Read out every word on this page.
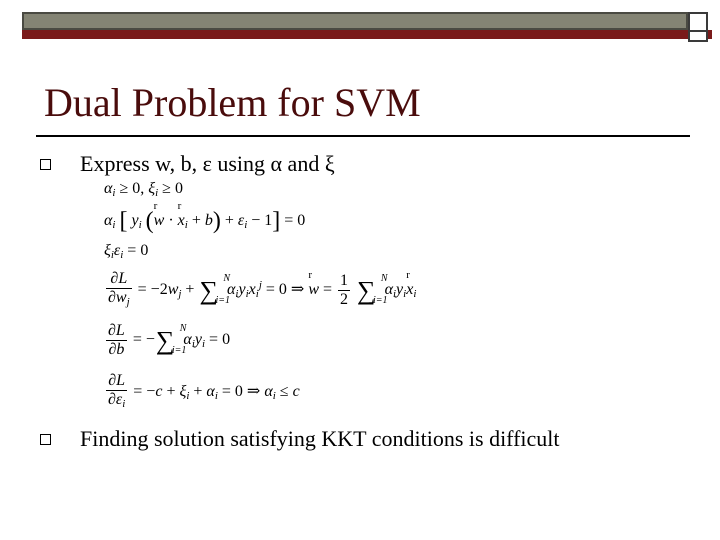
Dual Problem for SVM
Express w, b, ε using α and ξ
$\alpha_i \ge 0$, $\xi_i \ge 0$
$\alpha_i$ [ $y_i$ (r w · r $x_i + b) + \varepsilon_i - 1] = 0$
$\xi_i\varepsilon_i = 0$
$\frac{\partial L}{\partial w_j} = -2w_j$ + ∑ N
i=1
$\alpha_iy_ix_i^j = 0$ ⇒ r $w = \frac{1}{2}$ ∑ N
i=1
$\alpha_iy_ir$ $x_i$
$\frac{\partial L}{\partial b}$ = −∑ N
i=1
$\alpha_iy_i = 0$
$\frac{\partial L}{\partial\varepsilon_i} = -c + \xi_i + \alpha_i = 0$ ⇒ $\alpha_i \le c$
Finding solution satisfying KKT conditions is difficult
